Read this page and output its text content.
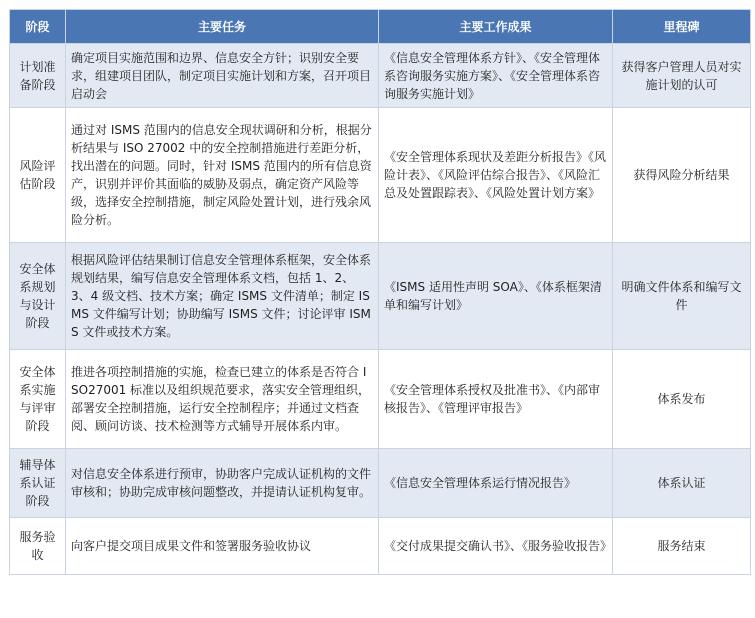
阶段	主要任务	主要工作成果	里程碑
计划准备阶段	确定项目实施范围和边界、信息安全方针；识别安全要求，组建项目团队，制定项目实施计划和方案，召开项目启动会	《信息安全管理体系方针》、《安全管理体系咨询服务实施方案》、《安全管理体系咨询服务实施计划》	获得客户管理人员对实施计划的认可
风险评估阶段	通过对 ISMS 范围内的信息安全现状调研和分析，根据分析结果与 ISO 27002 中的安全控制措施进行差距分析，找出潜在的问题。同时，针对 ISMS 范围内的所有信息资产，识别并评价其面临的威胁及弱点，确定资产风险等级，选择安全控制措施，制定风险处置计划，进行残余风险分析。	《安全管理体系现状及差距分析报告》《风险计表》、《风险评估综合报告》、《风险汇总及处置跟踪表》、《风险处置计划方案》	获得风险分析结果
安全体系规划与设计阶段	根据风险评估结果制订信息安全管理体系框架，安全体系规划结果，编写信息安全管理体系文档，包括 1、2、3、4 级文档、技术方案；确定 ISMS 文件清单；制定 ISMS 文件编写计划；协助编写 ISMS 文件；讨论评审 ISMS 文件或技术方案。	《ISMS 适用性声明 SOA》、《体系框架清单和编写计划》	明确文件体系和编写文件
安全体系实施与评审阶段	推进各项控制措施的实施，检查已建立的体系是否符合 ISO27001 标准以及组织规范要求，落实安全管理组织，部署安全控制措施，运行安全控制程序；并通过文档查阅、顾问访谈、技术检测等方式辅导开展体系内审。	《安全管理体系授权及批准书》、《内部审核报告》、《管理评审报告》	体系发布
辅导体系认证阶段	对信息安全体系进行预审，协助客户完成认证机构的文件审核和；协助完成审核问题整改，并提请认证机构复审。	《信息安全管理体系运行情况报告》	体系认证
服务验收	向客户提交项目成果文件和签署服务验收协议	《交付成果提交确认书》、《服务验收报告》	服务结束
